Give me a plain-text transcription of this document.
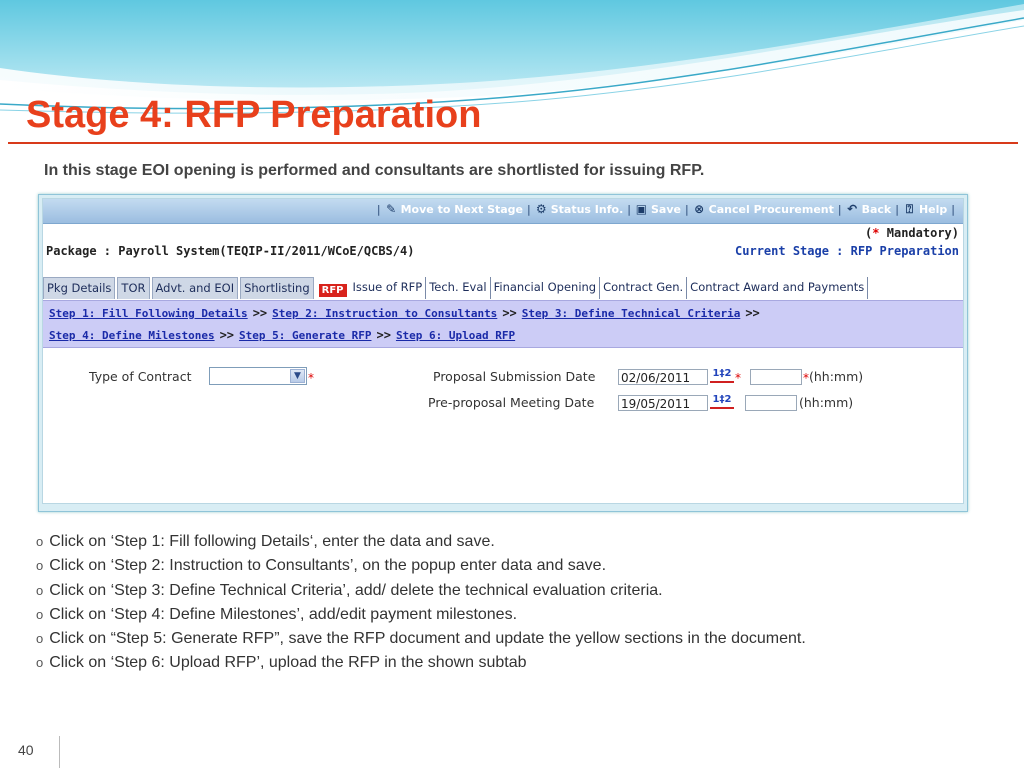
Stage 4: RFP Preparation
In this stage EOI opening is performed and consultants are shortlisted for issuing RFP.
| ✎ Move to Next Stage | ⚙ Status Info. | ▣ Save | ⊗ Cancel Procurement | ↶ Back | ⍰ Help |
(* Mandatory)
Package : Payroll System(TEQIP-II/2011/WCoE/QCBS/4)	Current Stage : RFP Preparation
Pkg Details TOR Advt. and EOI Shortlisting	RFP Issue of RFP Tech. Eval Financial Opening Contract Gen. Contract Award and Payments
Step 1: Fill Following Details >> Step 2: Instruction to Consultants >> Step 3: Define Technical Criteria >>
Step 4: Define Milestones >> Step 5: Generate RFP >> Step 6: Upload RFP
Type of Contract	▼ *	Proposal Submission Date 02/06/2011	1‡2 *	* (hh:mm)
Pre-proposal Meeting Date 19/05/2011	1‡2	(hh:mm)
o Click on ‘Step 1: Fill following Details‘, enter the data and save.
o Click on ‘Step 2: Instruction to Consultants’, on the popup enter data and save.
o Click on ‘Step 3: Define Technical Criteria’, add/ delete the technical evaluation criteria.
o Click on ‘Step 4: Define Milestones’, add/edit payment milestones.
o Click on “Step 5: Generate RFP”, save the RFP document and update the yellow sections in the document.
o Click on ‘Step 6: Upload RFP’, upload the RFP in the shown subtab
40
